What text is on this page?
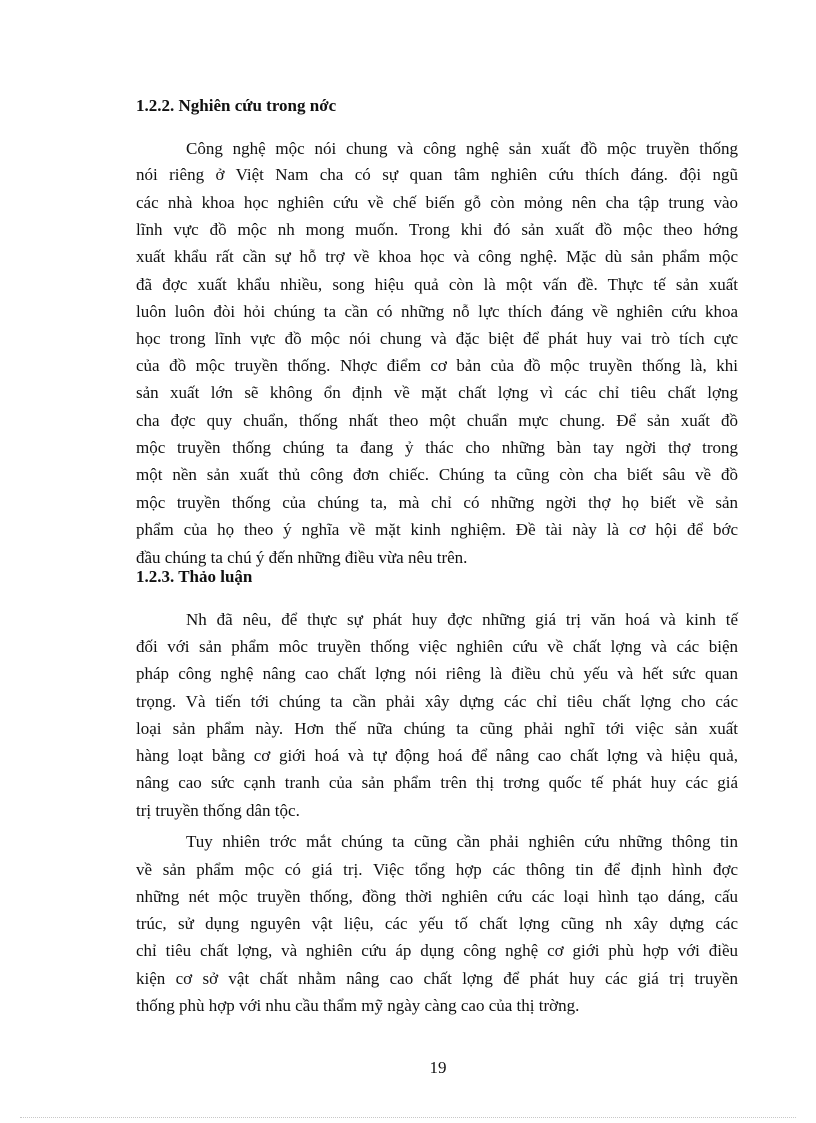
1.2.2. Nghiên cứu trong nớc
Công nghệ mộc nói chung và công nghệ sản xuất đồ mộc truyền thống
nói riêng ở Việt Nam cha có sự quan tâm nghiên cứu thích đáng. đội ngũ
các nhà khoa học nghiên cứu về chế biến gỗ còn mỏng nên cha tập trung vào
lĩnh vực đồ mộc nh mong muốn. Trong khi đó sản xuất đồ mộc theo hớng
xuất khẩu rất cần sự hỗ trợ về khoa học và công nghệ. Mặc dù sản phẩm mộc
đã đợc xuất khẩu nhiều, song hiệu quả còn là một vấn đề. Thực tế sản xuất
luôn luôn đòi hỏi chúng ta cần có những nỗ lực thích đáng về nghiên cứu khoa
học trong lĩnh vực đồ mộc nói chung và đặc biệt để phát huy vai trò tích cực
của đồ mộc truyền thống. Nhợc điểm cơ bản của đồ mộc truyền thống là, khi
sản xuất lớn sẽ không ổn định về mặt chất lợng vì các chỉ tiêu chất lợng
cha đợc quy chuẩn, thống nhất theo một chuẩn mực chung. Để sản xuất đồ
mộc truyền thống chúng ta đang ỷ thác cho những bàn tay ngời thợ trong
một nền sản xuất thủ công đơn chiếc. Chúng ta cũng còn cha biết sâu về đồ
mộc truyền thống của chúng ta, mà chỉ có những ngời thợ họ biết về sản
phẩm của họ theo ý nghĩa về mặt kinh nghiệm. Đề tài này là cơ hội để bớc
đầu chúng ta chú ý đến những điều vừa nêu trên.
1.2.3. Thảo luận
Nh đã nêu, để thực sự phát huy đợc những giá trị văn hoá và kinh tế
đối với sản phẩm môc truyền thống việc nghiên cứu về chất lợng và các biện
pháp công nghệ nâng cao chất lợng nói riêng là điều chủ yếu và hết sức quan
trọng. Và tiến tới chúng ta cần phải xây dựng các chỉ tiêu chất lợng cho các
loại sản phẩm này. Hơn thế nữa chúng ta cũng phải nghĩ tới việc sản xuất
hàng loạt bằng cơ giới hoá và tự động hoá để nâng cao chất lợng và hiệu quả,
nâng cao sức cạnh tranh của sản phẩm trên thị trơng quốc tế phát huy các giá
trị truyền thống dân tộc.
Tuy nhiên trớc mắt chúng ta cũng cần phải nghiên cứu những thông tin
về sản phẩm mộc có giá trị. Việc tổng hợp các thông tin để định hình đợc
những nét mộc truyền thống, đồng thời nghiên cứu các loại hình tạo dáng, cấu
trúc, sử dụng nguyên vật liệu, các yếu tố chất lợng cũng nh xây dựng các
chỉ tiêu chất lợng, và nghiên cứu áp dụng công nghệ cơ giới phù hợp với điều
kiện cơ sở vật chất nhằm nâng cao chất lợng để phát huy các giá trị truyền
thống phù hợp với nhu cầu thẩm mỹ ngày càng cao của thị trờng.
19
